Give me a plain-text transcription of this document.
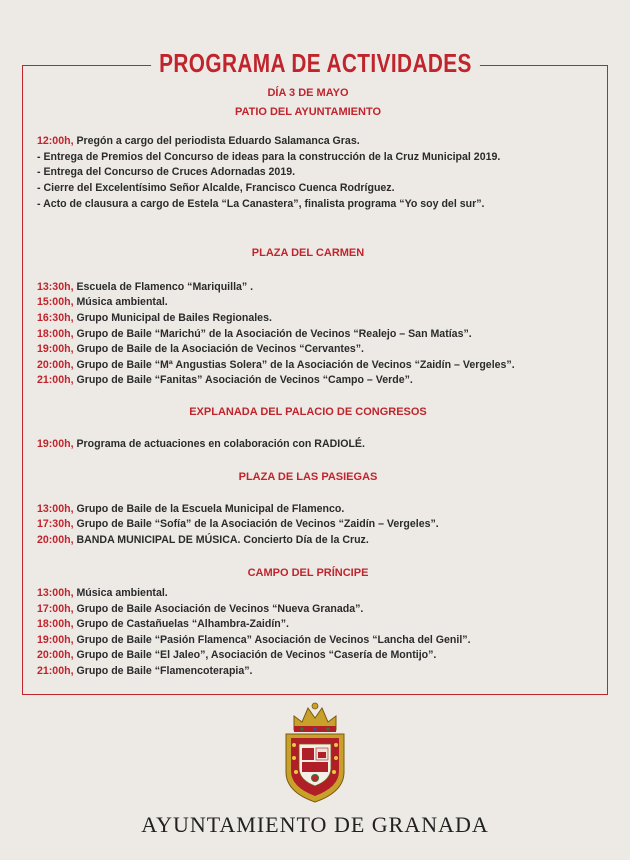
PROGRAMA DE ACTIVIDADES
DÍA 3 DE MAYO
PATIO DEL AYUNTAMIENTO
12:00h, Pregón a cargo del periodista Eduardo Salamanca Gras.
- Entrega de Premios del Concurso de ideas para la construcción de la Cruz Municipal 2019.
- Entrega del Concurso de Cruces Adornadas 2019.
- Cierre del Excelentísimo Señor Alcalde, Francisco Cuenca Rodríguez.
- Acto de clausura a cargo de Estela “La Canastera”, finalista programa “Yo soy del sur”.
PLAZA DEL CARMEN
13:30h, Escuela de Flamenco “Mariquilla” .
15:00h, Música ambiental.
16:30h, Grupo Municipal de Bailes Regionales.
18:00h, Grupo de Baile “Marichú” de la Asociación de Vecinos “Realejo – San Matías”.
19:00h, Grupo de Baile de la Asociación de Vecinos “Cervantes”.
20:00h, Grupo de Baile “Mª Angustias Solera” de la Asociación de Vecinos “Zaidín – Vergeles”.
21:00h, Grupo de Baile “Fanitas” Asociación de Vecinos “Campo – Verde”.
EXPLANADA DEL PALACIO DE CONGRESOS
19:00h, Programa de actuaciones en colaboración con RADIOLÉ.
PLAZA DE LAS PASIEGAS
13:00h, Grupo de Baile de la Escuela Municipal de Flamenco.
17:30h, Grupo de Baile “Sofía” de la Asociación de Vecinos “Zaidín – Vergeles”.
20:00h, BANDA MUNICIPAL DE MÚSICA. Concierto Día de la Cruz.
CAMPO DEL PRÍNCIPE
13:00h, Música ambiental.
17:00h, Grupo de Baile Asociación de Vecinos “Nueva Granada”.
18:00h, Grupo de Castañuelas “Alhambra-Zaidín”.
19:00h, Grupo de Baile “Pasión Flamenca” Asociación de Vecinos “Lancha del Genil”.
20:00h, Grupo de Baile “El Jaleo”, Asociación de Vecinos “Casería de Montijo”.
21:00h, Grupo de Baile “Flamencoterapia”.
AYUNTAMIENTO DE GRANADA
